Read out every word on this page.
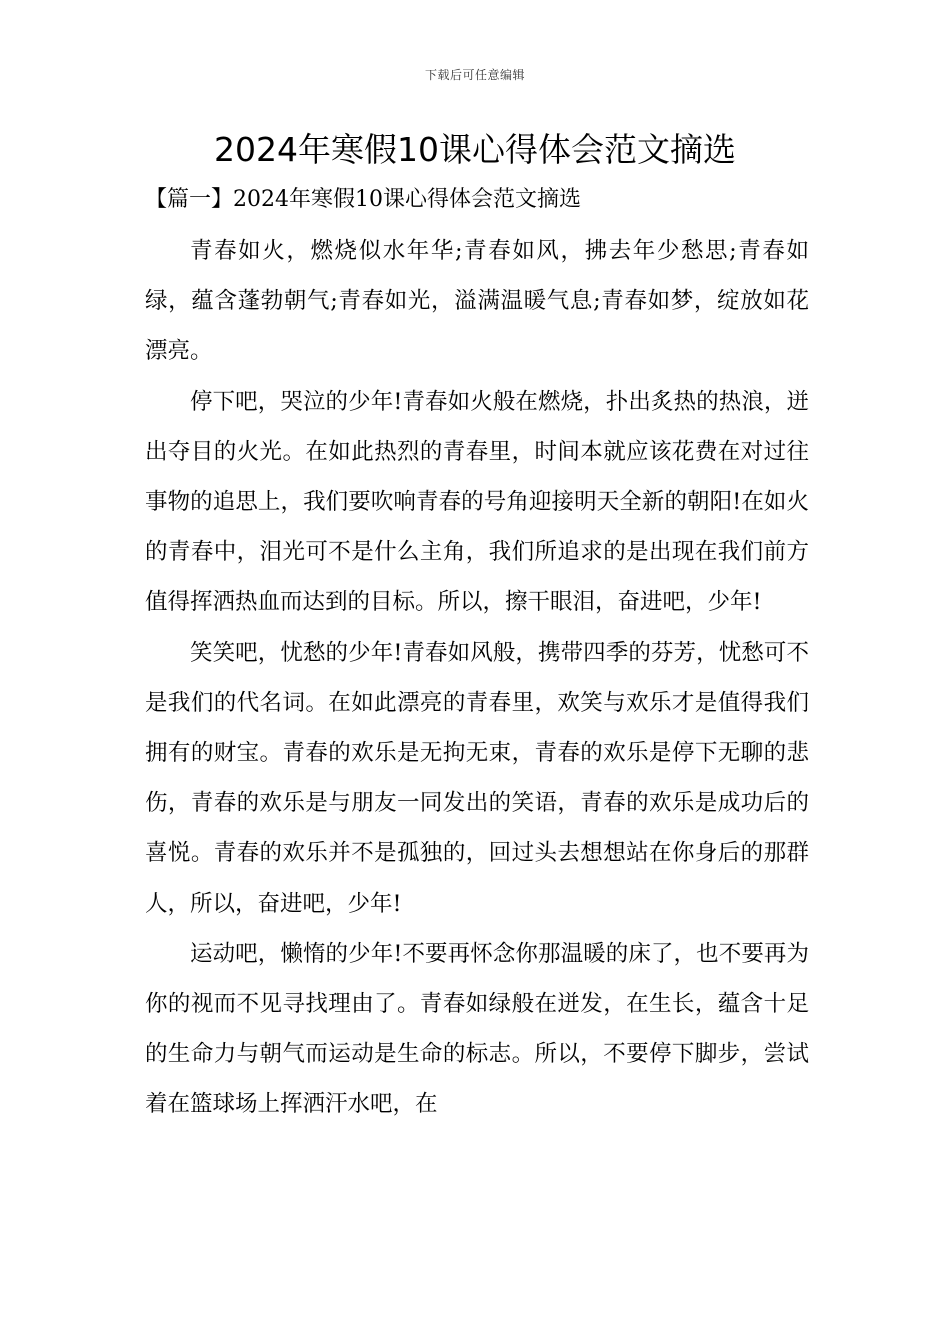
下载后可任意编辑
2024年寒假10课心得体会范文摘选
【篇一】2024年寒假10课心得体会范文摘选

青春如火，燃烧似水年华;青春如风，拂去年少愁思;青春如绿，蕴含蓬勃朝气;青春如光，溢满温暖气息;青春如梦，绽放如花漂亮。

停下吧，哭泣的少年!青春如火般在燃烧，扑出炙热的热浪，迸出夺目的火光。在如此热烈的青春里，时间本就应该花费在对过往事物的追思上，我们要吹响青春的号角迎接明天全新的朝阳!在如火的青春中，泪光可不是什么主角，我们所追求的是出现在我们前方值得挥洒热血而达到的目标。所以，擦干眼泪，奋进吧，少年!

笑笑吧，忧愁的少年!青春如风般，携带四季的芬芳，忧愁可不是我们的代名词。在如此漂亮的青春里，欢笑与欢乐才是值得我们拥有的财宝。青春的欢乐是无拘无束，青春的欢乐是停下无聊的悲伤，青春的欢乐是与朋友一同发出的笑语，青春的欢乐是成功后的喜悦。青春的欢乐并不是孤独的，回过头去想想站在你身后的那群人，所以，奋进吧，少年!

运动吧，懒惰的少年!不要再怀念你那温暖的床了，也不要再为你的视而不见寻找理由了。青春如绿般在迸发，在生长，蕴含十足的生命力与朝气而运动是生命的标志。所以，不要停下脚步，尝试着在篮球场上挥洒汗水吧，在
